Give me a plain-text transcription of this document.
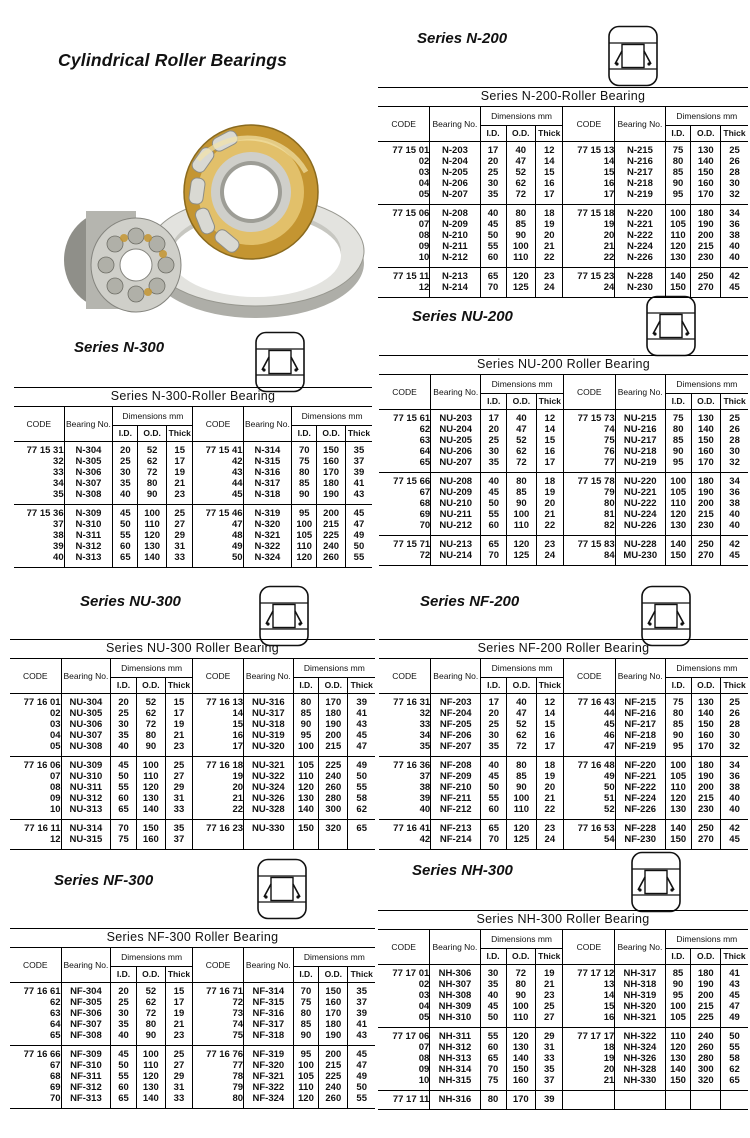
Cylindrical Roller Bearings
Series N-200
Series NU-200
Series N-300
Series NU-300	Series NF-200
Series NF-300
Series NH-300
Series N-200-Roller Bearing									
CODE	Bearing No.	Dimensions mm			CODE	Bearing No.	Dimensions mm		
		I.D.	O.D.	Thick			I.D.	O.D.	Thick
77 15 01	N-203	17	40	12	77 15 13	N-215	75	130	25
02	N-204	20	47	14	14	N-216	80	140	26
03	N-205	25	52	15	15	N-217	85	150	28
04	N-206	30	62	16	16	N-218	90	160	30
05	N-207	35	72	17	17	N-219	95	170	32
77 15 06	N-208	40	80	18	77 15 18	N-220	100	180	34
07	N-209	45	85	19	19	N-221	105	190	36
08	N-210	50	90	20	20	N-222	110	200	38
09	N-211	55	100	21	21	N-224	120	215	40
10	N-212	60	110	22	22	N-226	130	230	40
77 15 11	N-213	65	120	23	77 15 23	N-228	140	250	42
12	N-214	70	125	24	24	N-230	150	270	45
Series N-300-Roller Bearing									
CODE	Bearing No.	Dimensions mm			CODE	Bearing No.	Dimensions mm		
		I.D.	O.D.	Thick			I.D.	O.D.	Thick
77 15 31	N-304	20	52	15	77 15 41	N-314	70	150	35
32	N-305	25	62	17	42	N-315	75	160	37
33	N-306	30	72	19	43	N-316	80	170	39
34	N-307	35	80	21	44	N-317	85	180	41
35	N-308	40	90	23	45	N-318	90	190	43
77 15 36	N-309	45	100	25	77 15 46	N-319	95	200	45
37	N-310	50	110	27	47	N-320	100	215	47
38	N-311	55	120	29	48	N-321	105	225	49
39	N-312	60	130	31	49	N-322	110	240	50
40	N-313	65	140	33	50	N-324	120	260	55
Series NU-200 Roller Bearing									
CODE	Bearing No.	Dimensions mm			CODE	Bearing No.	Dimensions mm		
		I.D.	O.D.	Thick			I.D.	O.D.	Thick
77 15 61	NU-203	17	40	12	77 15 73	NU-215	75	130	25
62	NU-204	20	47	14	74	NU-216	80	140	26
63	NU-205	25	52	15	75	NU-217	85	150	28
64	NU-206	30	62	16	76	NU-218	90	160	30
65	NU-207	35	72	17	77	NU-219	95	170	32
77 15 66	NU-208	40	80	18	77 15 78	NU-220	100	180	34
67	NU-209	45	85	19	79	NU-221	105	190	36
68	NU-210	50	90	20	80	NU-222	110	200	38
69	NU-211	55	100	21	81	NU-224	120	215	40
70	NU-212	60	110	22	82	NU-226	130	230	40
77 15 71	NU-213	65	120	23	77 15 83	NU-228	140	250	42
72	NU-214	70	125	24	84	MU-230	150	270	45
Series NU-300 Roller Bearing									
CODE	Bearing No.	Dimensions mm			CODE	Bearing No.	Dimensions mm		
		I.D.	O.D.	Thick			I.D.	O.D.	Thick
77 16 01	NU-304	20	52	15	77 16 13	NU-316	80	170	39
02	NU-305	25	62	17	14	NU-317	85	180	41
03	NU-306	30	72	19	15	NU-318	90	190	43
04	NU-307	35	80	21	16	NU-319	95	200	45
05	NU-308	40	90	23	17	NU-320	100	215	47
77 16 06	NU-309	45	100	25	77 16 18	NU-321	105	225	49
07	NU-310	50	110	27	19	NU-322	110	240	50
08	NU-311	55	120	29	20	NU-324	120	260	55
09	NU-312	60	130	31	21	NU-326	130	280	58
10	NU-313	65	140	33	22	NU-328	140	300	62
77 16 11	NU-314	70	150	35	77 16 23	NU-330	150	320	65
12	NU-315	75	160	37					
Series NF-200 Roller Bearing									
CODE	Bearing No.	Dimensions mm			CODE	Bearing No.	Dimensions mm		
		I.D.	O.D.	Thick			I.D.	O.D.	Thick
77 16 31	NF-203	17	40	12	77 16 43	NF-215	75	130	25
32	NF-204	20	47	14	44	NF-216	80	140	26
33	NF-205	25	52	15	45	NF-217	85	150	28
34	NF-206	30	62	16	46	NF-218	90	160	30
35	NF-207	35	72	17	47	NF-219	95	170	32
77 16 36	NF-208	40	80	18	77 16 48	NF-220	100	180	34
37	NF-209	45	85	19	49	NF-221	105	190	36
38	NF-210	50	90	20	50	NF-222	110	200	38
39	NF-211	55	100	21	51	NF-224	120	215	40
40	NF-212	60	110	22	52	NF-226	130	230	40
77 16 41	NF-213	65	120	23	77 16 53	NF-228	140	250	42
42	NF-214	70	125	24	54	NF-230	150	270	45
Series NF-300 Roller Bearing									
CODE	Bearing No.	Dimensions mm			CODE	Bearing No.	Dimensions mm		
		I.D.	O.D.	Thick			I.D.	O.D.	Thick
77 16 61	NF-304	20	52	15	77 16 71	NF-314	70	150	35
62	NF-305	25	62	17	72	NF-315	75	160	37
63	NF-306	30	72	19	73	NF-316	80	170	39
64	NF-307	35	80	21	74	NF-317	85	180	41
65	NF-308	40	90	23	75	NF-318	90	190	43
77 16 66	NF-309	45	100	25	77 16 76	NF-319	95	200	45
67	NF-310	50	110	27	77	NF-320	100	215	47
68	NF-311	55	120	29	78	NF-321	105	225	49
69	NF-312	60	130	31	79	NF-322	110	240	50
70	NF-313	65	140	33	80	NF-324	120	260	55
Series NH-300 Roller Bearing									
CODE	Bearing No.	Dimensions mm			CODE	Bearing No.	Dimensions mm		
		I.D.	O.D.	Thick			I.D.	O.D.	Thick
77 17 01	NH-306	30	72	19	77 17 12	NH-317	85	180	41
02	NH-307	35	80	21	13	NH-318	90	190	43
03	NH-308	40	90	23	14	NH-319	95	200	45
04	NH-309	45	100	25	15	NH-320	100	215	47
05	NH-310	50	110	27	16	NH-321	105	225	49
77 17 06	NH-311	55	120	29	77 17 17	NH-322	110	240	50
07	NH-312	60	130	31	18	NH-324	120	260	55
08	NH-313	65	140	33	19	NH-326	130	280	58
09	NH-314	70	150	35	20	NH-328	140	300	62
10	NH-315	75	160	37	21	NH-330	150	320	65
77 17 11	NH-316	80	170	39					
